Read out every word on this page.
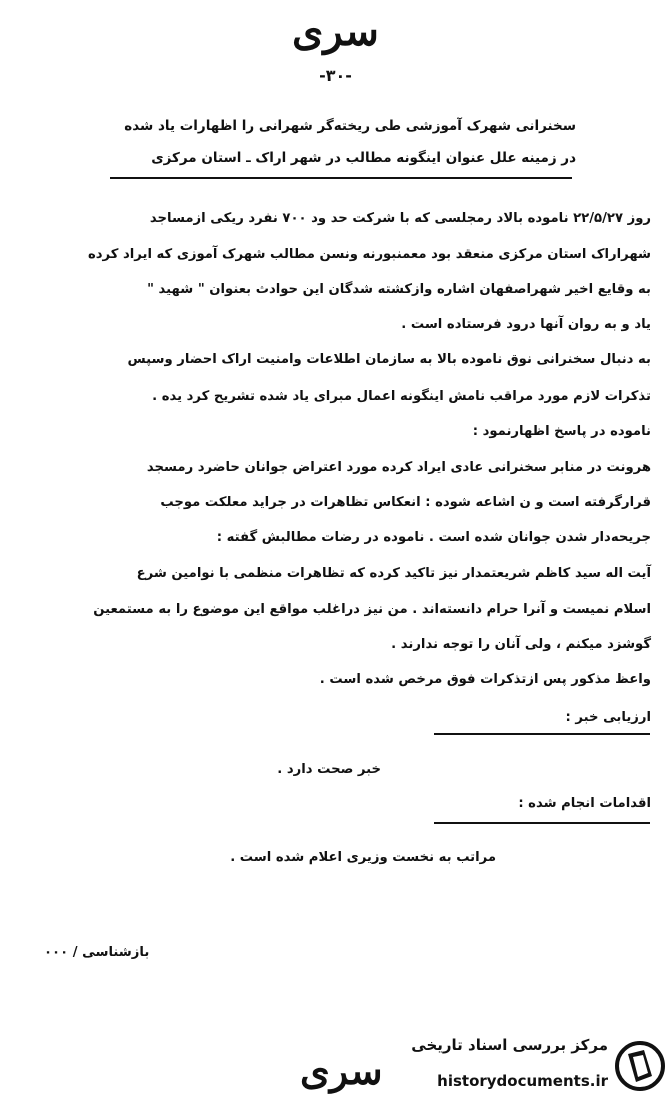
سری
-۳۰-
سخنرانی شهرک آموزشی طی ریخته‌گر شهرانی را اظهارات یاد شده
در زمینه علل عنوان اینگونه مطالب در شهر اراک ـ استان مرکزی
روز ۲۲/۵/۲۷ ناموده بالاد رمجلسی که با شرکت حد ود ۷۰۰ نفرد ریکی ازمساجد
شهراراک استان مرکزی منعقد بود معمنبورنه ونسن مطالب شهرک آموزی که ایراد کرده
به وقایع اخیر شهراصفهان اشاره وازکشته شدگان این حوادث بعنوان " شهید "
یاد و به روان آنها درود فرستاده است .
به دنبال سخنرانی نوق ناموده بالا به سازمان اطلاعات وامنیت اراک احضار وسپس
تذکرات لازم مورد مراقب نامش اینگونه اعمال مبرای یاد شده تشریح کرد یده .
ناموده در پاسخ اظهارنمود :
هرونت در منابر سخنرانی عادی ایراد کرده مورد اعتراض جوانان حاضرد رمسجد
قرارگرفته است و ن اشاعه شوده : انعکاس تظاهرات در جراید معلکت موجب
جریحه‌دار شدن جوانان شده است . ناموده در رضات مطالبش گفته :
آیت اله سید کاظم شریعتمدار نیز تاکید کرده که تظاهرات منظمی با نوامین شرع
اسلام نمیست و آنرا حرام دانسته‌اند . من نیز دراغلب مواقع این موضوع را به مستمعین
گوشزد میکنم ، ولی آنان را توجه ندارند .
واعظ مذکور پس ازتذکرات فوق مرخص شده است .
ارزیابی خبر :
خبر صحت دارد .
اقدامات انجام شده :
مراتب به نخست وزیری اعلام شده است .
بازشناسی / ۰۰۰
سری
مرکز بررسی اسناد تاریخی
historydocuments.ir
